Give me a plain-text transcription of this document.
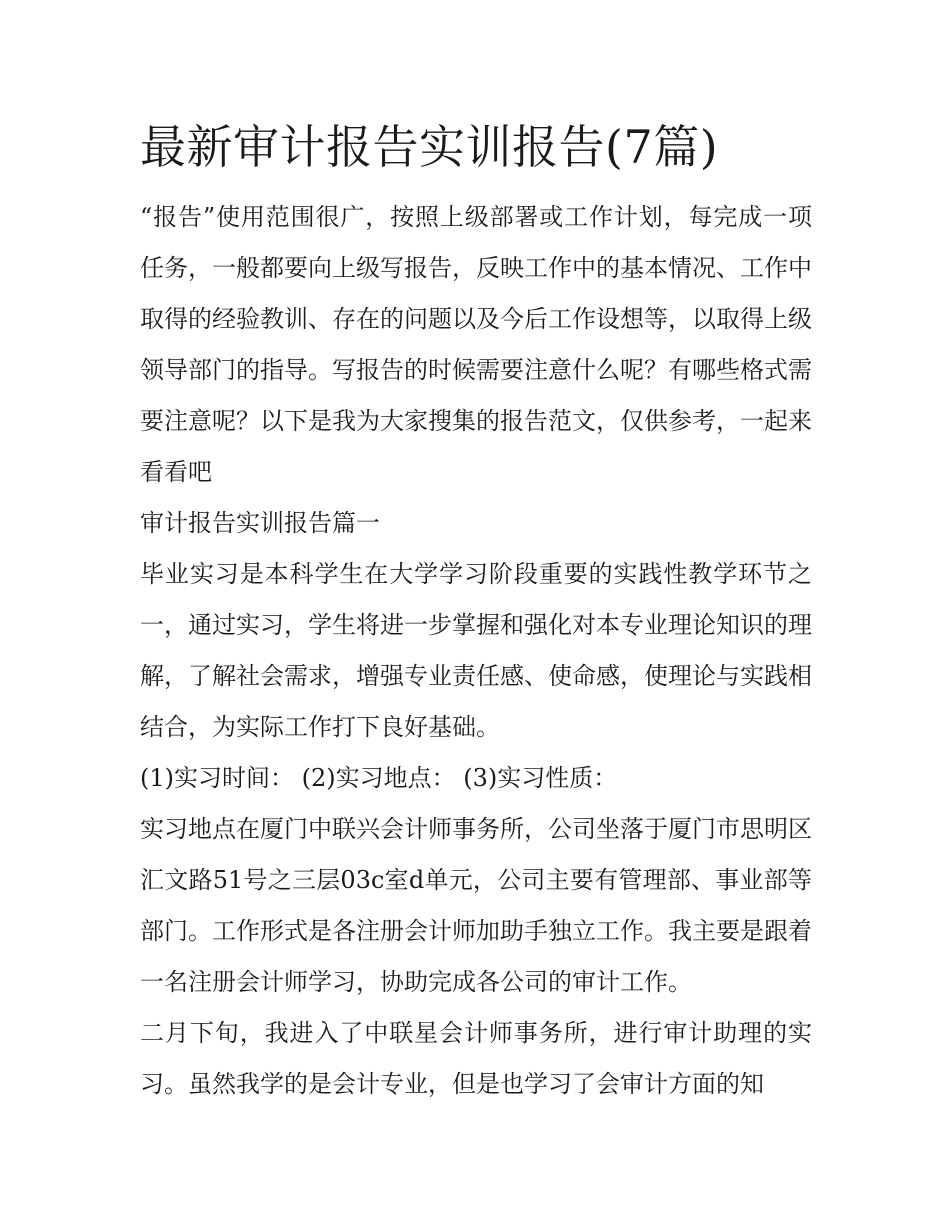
最新审计报告实训报告(7篇)

“报告”使用范围很广，按照上级部署或工作计划，每完成一项任务，一般都要向上级写报告，反映工作中的基本情况、工作中取得的经验教训、存在的问题以及今后工作设想等，以取得上级领导部门的指导。写报告的时候需要注意什么呢？有哪些格式需要注意呢？以下是我为大家搜集的报告范文，仅供参考，一起来看看吧

审计报告实训报告篇一

毕业实习是本科学生在大学学习阶段重要的实践性教学环节之一，通过实习，学生将进一步掌握和强化对本专业理论知识的理解，了解社会需求，增强专业责任感、使命感，使理论与实践相结合，为实际工作打下良好基础。

(1)实习时间： (2)实习地点： (3)实习性质：

实习地点在厦门中联兴会计师事务所，公司坐落于厦门市思明区汇文路51号之三层03c室d单元，公司主要有管理部、事业部等部门。工作形式是各注册会计师加助手独立工作。我主要是跟着一名注册会计师学习，协助完成各公司的审计工作。

二月下旬，我进入了中联星会计师事务所，进行审计助理的实习。虽然我学的是会计专业，但是也学习了会审计方面的知
